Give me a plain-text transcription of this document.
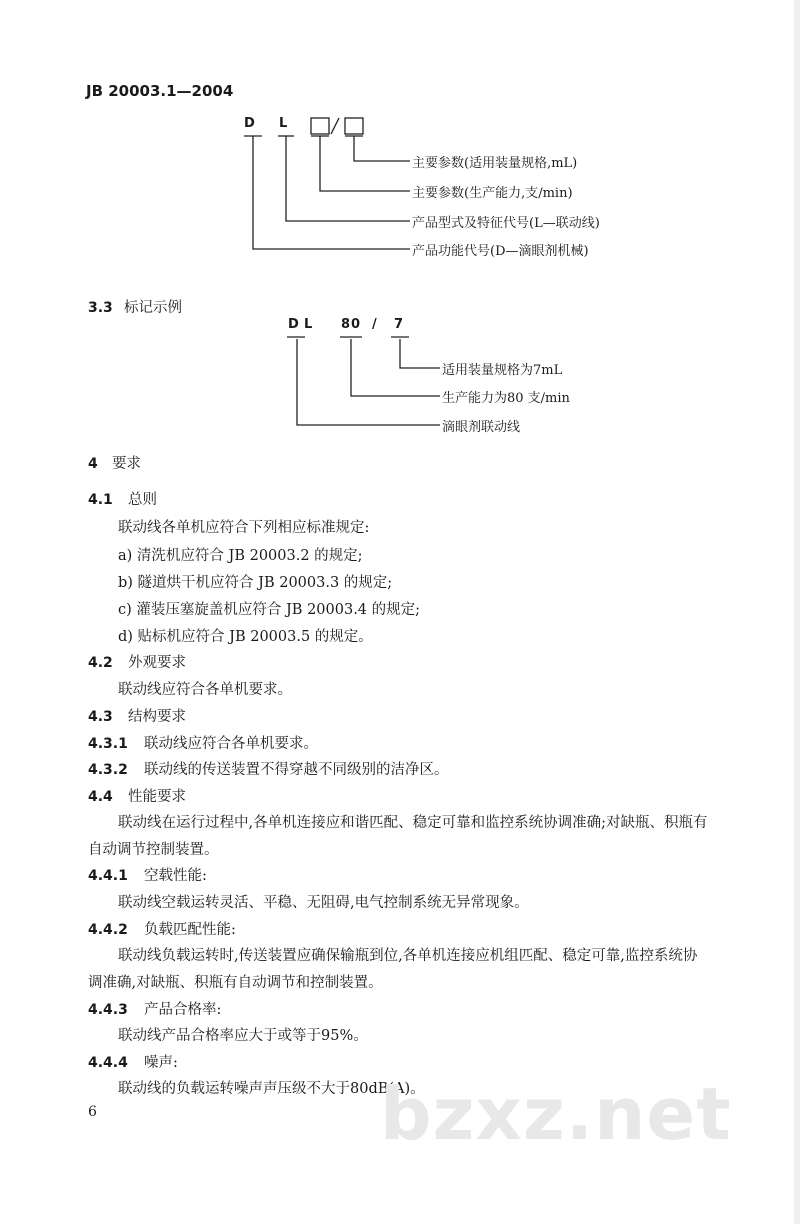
JB 20003.1—2004
D L
主要参数(适用装量规格,mL)
主要参数(生产能力,支/min)
产品型式及特征代号(L—联动线)
产品功能代号(D—滴眼剂机械)
3.3 标记示例
D L 80 / 7
适用装量规格为7mL
生产能力为80 支/min
滴眼剂联动线
4 要求
4.1 总则
联动线各单机应符合下列相应标准规定:
a) 清洗机应符合 JB 20003.2 的规定;
b) 隧道烘干机应符合 JB 20003.3 的规定;
c) 灌装压塞旋盖机应符合 JB 20003.4 的规定;
d) 贴标机应符合 JB 20003.5 的规定。
4.2 外观要求
联动线应符合各单机要求。
4.3 结构要求
4.3.1 联动线应符合各单机要求。
4.3.2 联动线的传送装置不得穿越不同级别的洁净区。
4.4 性能要求
联动线在运行过程中,各单机连接应和谐匹配、稳定可靠和监控系统协调准确;对缺瓶、积瓶有
自动调节控制装置。
4.4.1 空载性能:
联动线空载运转灵活、平稳、无阻碍,电气控制系统无异常现象。
4.4.2 负载匹配性能:
联动线负载运转时,传送装置应确保输瓶到位,各单机连接应机组匹配、稳定可靠,监控系统协
调准确,对缺瓶、积瓶有自动调节和控制装置。
4.4.3 产品合格率:
联动线产品合格率应大于或等于95%。
4.4.4 噪声:
联动线的负载运转噪声声压级不大于80dB(A)。
bzxz.net
6
